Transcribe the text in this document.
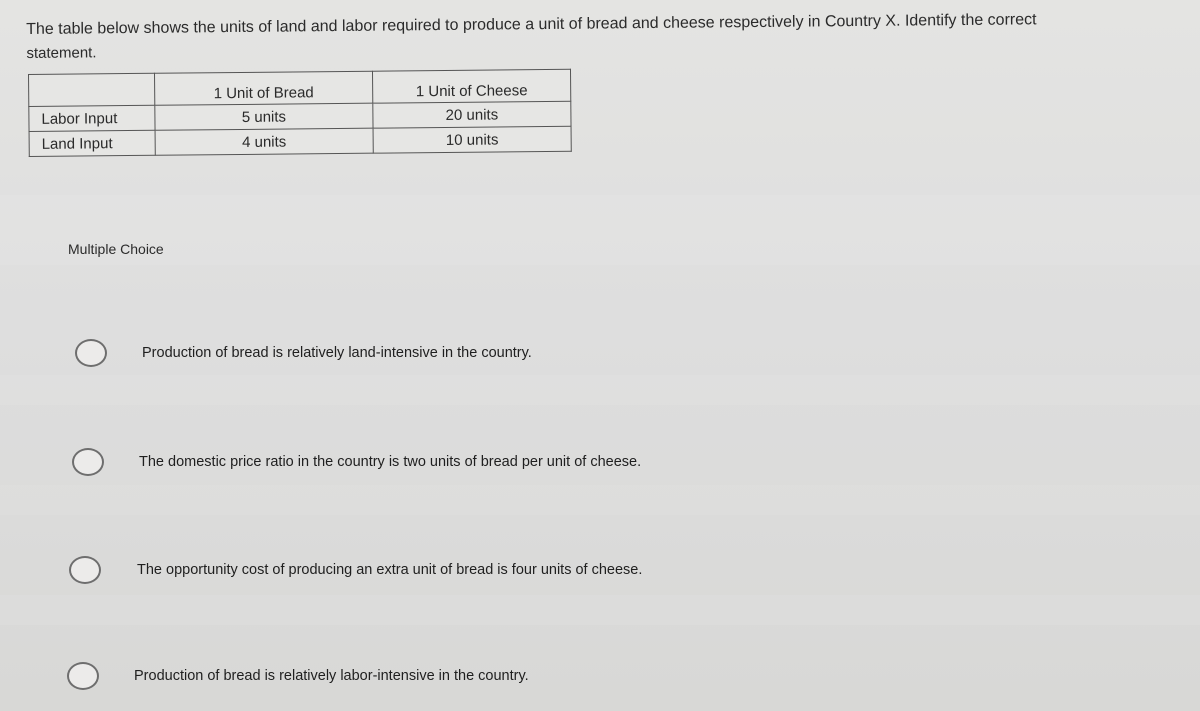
The table below shows the units of land and labor required to produce a unit of bread and cheese respectively in Country X. Identify the correct
statement.
	1 Unit of Bread	1 Unit of Cheese
Labor Input	5 units	20 units
Land Input	4 units	10 units
Multiple Choice
Production of bread is relatively land-intensive in the country.
The domestic price ratio in the country is two units of bread per unit of cheese.
The opportunity cost of producing an extra unit of bread is four units of cheese.
Production of bread is relatively labor-intensive in the country.
